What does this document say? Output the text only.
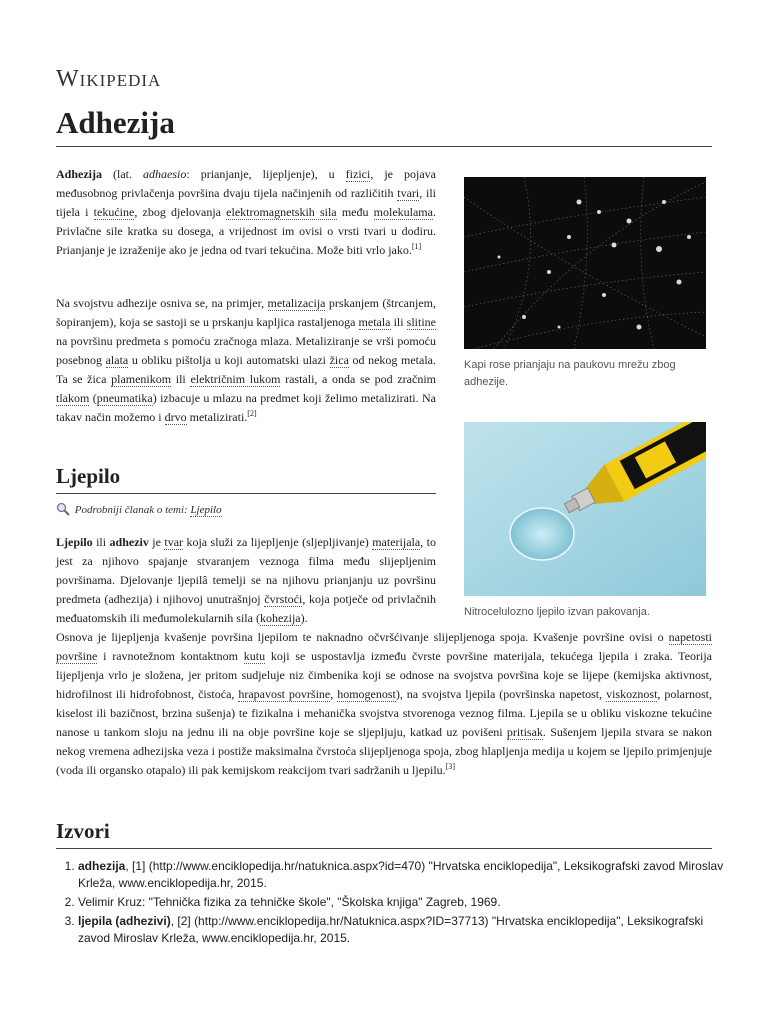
Wikipedia
Adhezija

Adhezija (lat. adhaesio: prianjanje, lijepljenje), u fizici, je pojava međusobnog privlačenja površina dvaju tijela načinjenih od različitih tvari, ili tijela i tekućine, zbog djelovanja elektromagnetskih sila među molekulama. Privlačne sile kratka su dosega, a vrijednost im ovisi o vrsti tvari u dodiru. Prianjanje je izraženije ako je jedna od tvari tekućina. Može biti vrlo jako.[1]

Na svojstvu adhezije osniva se, na primjer, metalizacija prskanjem (štrcanjem, šopiranjem), koja se sastoji se u prskanju kapljica rastaljenoga metala ili slitine na površinu predmeta s pomoću zračnoga mlaza. Metaliziranje se vrši pomoću posebnog alata u obliku pištolja u koji automatski ulazi žica od nekog metala. Ta se žica plamenikom ili električnim lukom rastali, a onda se pod zračnim tlakom (pneumatika) izbacuje u mlazu na predmet koji želimo metalizirati. Na takav način možemo i drvo metalizirati.[2]

Kapi rose prianjaju na paukovu mrežu zbog adhezije.
Ljepilo
Podrobniji članak o temi: Ljepilo
Nitrocelulozno ljepilo izvan pakovanja.

Ljepilo ili adheziv je tvar koja služi za lijepljenje (sljepljivanje) materijala, to jest za njihovo spajanje stvaranjem veznoga filma među slijepljenim površinama. Djelovanje ljepilâ temelji se na njihovu prianjanju uz površinu predmeta (adhezija) i njihovoj unutrašnjoj čvrstoći, koja potječe od privlačnih međuatomskih ili međumolekularnih sila (kohezija).

Osnova je lijepljenja kvašenje površina ljepilom te naknadno očvršćivanje slijepljenoga spoja. Kvašenje površine ovisi o napetosti površine i ravnotežnom kontaktnom kutu koji se uspostavlja između čvrste površine materijala, tekućega ljepila i zraka. Teorija lijepljenja vrlo je složena, jer pritom sudjeluje niz čimbenika koji se odnose na svojstva površina koje se lijepe (kemijska aktivnost, hidrofilnost ili hidrofobnost, čistoća, hrapavost površine, homogenost), na svojstva ljepila (površinska napetost, viskoznost, polarnost, kiselost ili bazičnost, brzina sušenja) te fizikalna i mehanička svojstva stvorenoga veznog filma. Ljepila se u obliku viskozne tekućine nanose u tankom sloju na jednu ili na obje površine koje se sljepljuju, katkad uz povišeni pritisak. Sušenjem ljepila stvara se nakon nekog vremena adhezijska veza i postiže maksimalna čvrstoća slijepljenoga spoja, zbog hlapljenja medija u kojem se ljepilo primjenjuje (voda ili organsko otapalo) ili pak kemijskom reakcijom tvari sadržanih u ljepilu.[3]

Izvori
1. adhezija, [1] (http://www.enciklopedija.hr/natuknica.aspx?id=470) "Hrvatska enciklopedija", Leksikografski zavod Miroslav Krleža, www.enciklopedija.hr, 2015.
2. Velimir Kruz: "Tehnička fizika za tehničke škole", "Školska knjiga" Zagreb, 1969.
3. ljepila (adhezivi), [2] (http://www.enciklopedija.hr/Natuknica.aspx?ID=37713) "Hrvatska enciklopedija", Leksikografski zavod Miroslav Krleža, www.enciklopedija.hr, 2015.
